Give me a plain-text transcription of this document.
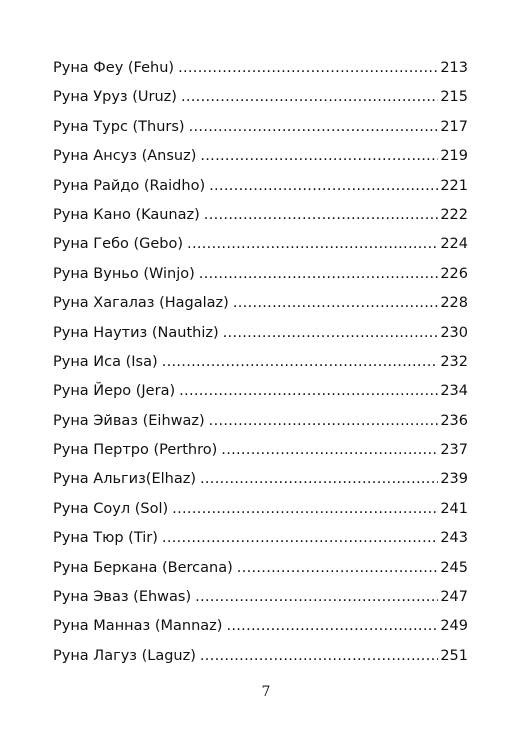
Руна Феу (Fehu) .....	213
Руна Уруз (Uruz) .....	215
Руна Турс (Thurs) .....	217
Руна Ансуз (Ansuz) .....	219
Руна Райдо (Raidho) .....	221
Руна Кано (Kaunaz) .....	222
Руна Гебо (Gebo) .....	224
Руна Вуньо (Winjo) .....	226
Руна Хагалаз (Hagalaz) .....	228
Руна Наутиз (Nauthiz) .....	230
Руна Иса (Isa) .....	232
Руна Йеро (Jera) .....	234
Руна Эйваз (Eihwaz) .....	236
Руна Пертро (Perthro) .....	237
Руна Альгиз(Elhaz) .....	239
Руна Соул (Sol) .....	241
Руна Тюр (Tir) .....	243
Руна Беркана (Bercana) .....	245
Руна Эваз (Ehwas) .....	247
Руна Манназ (Mannaz) .....	249
Руна Лагуз (Laguz) .....	251
7
